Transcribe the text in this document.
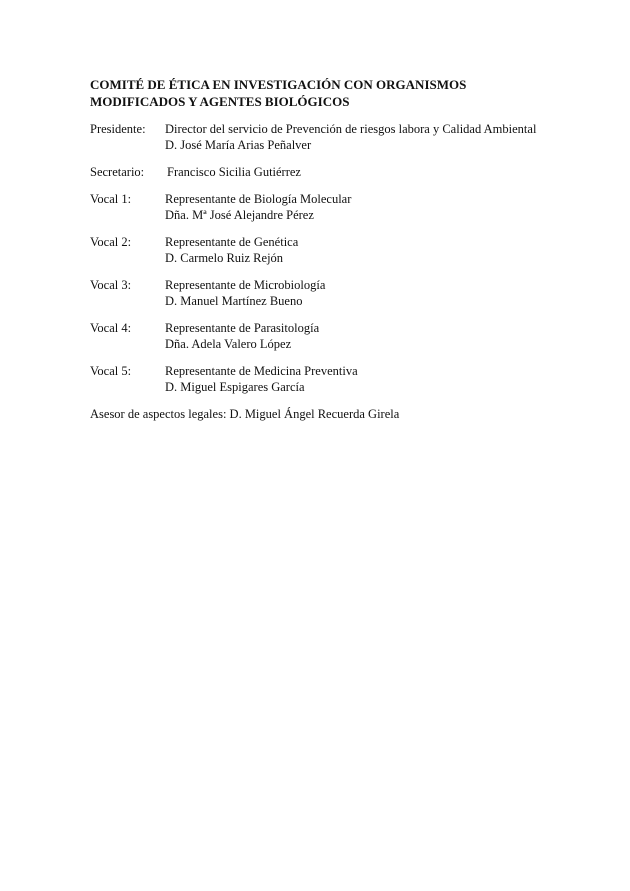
COMITÉ DE ÉTICA EN INVESTIGACIÓN CON ORGANISMOS
MODIFICADOS Y AGENTES BIOLÓGICOS
Presidente:	Director del servicio de Prevención de riesgos labora y Calidad Ambiental
D. José María Arias Peñalver
Secretario:	Francisco Sicilia Gutiérrez
Vocal 1:	Representante de Biología Molecular
Dña. Mª José Alejandre Pérez
Vocal 2:	Representante de Genética
D. Carmelo Ruiz Rejón
Vocal 3:	Representante de Microbiología
D. Manuel Martínez Bueno
Vocal 4:	Representante de Parasitología
Dña. Adela Valero López
Vocal 5:	Representante de Medicina Preventiva
D. Miguel Espigares García
Asesor de aspectos legales: D. Miguel Ángel Recuerda Girela
